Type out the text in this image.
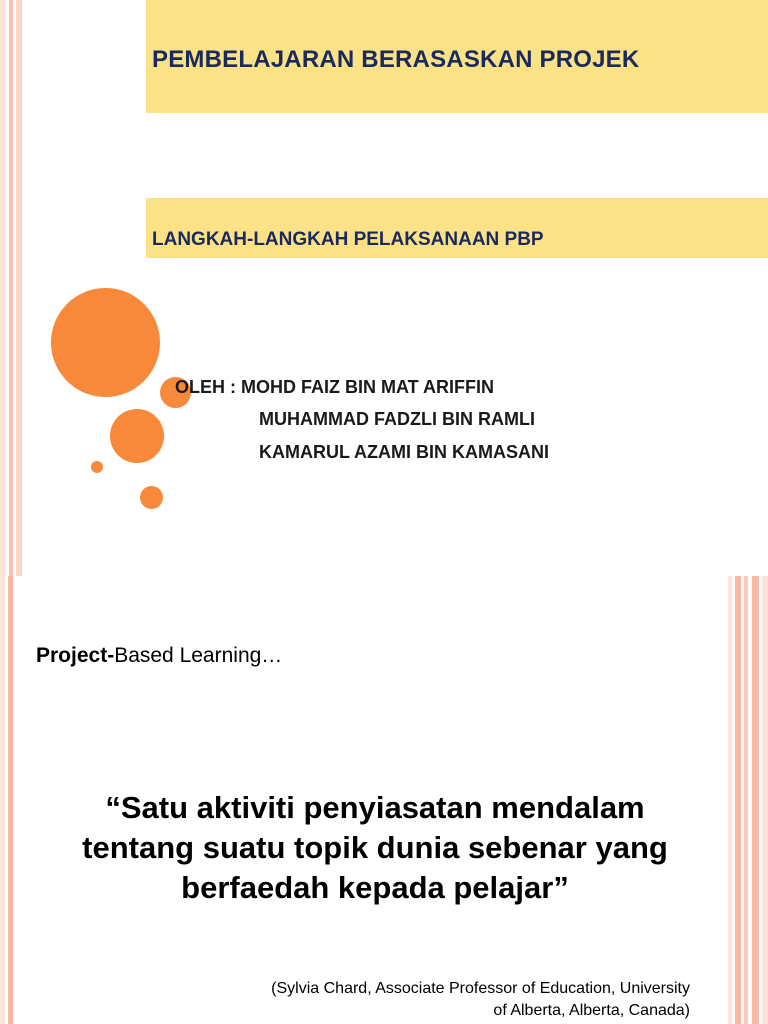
PEMBELAJARAN BERASASKAN PROJEK
LANGKAH-LANGKAH PELAKSANAAN PBP
OLEH : MOHD FAIZ BIN MAT ARIFFIN
MUHAMMAD FADZLI BIN RAMLI
KAMARUL AZAMI BIN KAMASANI
Project-Based Learning…
“Satu aktiviti penyiasatan mendalam
tentang suatu topik dunia sebenar yang
berfaedah kepada pelajar”
(Sylvia Chard, Associate Professor of Education, University
of Alberta, Alberta, Canada)
